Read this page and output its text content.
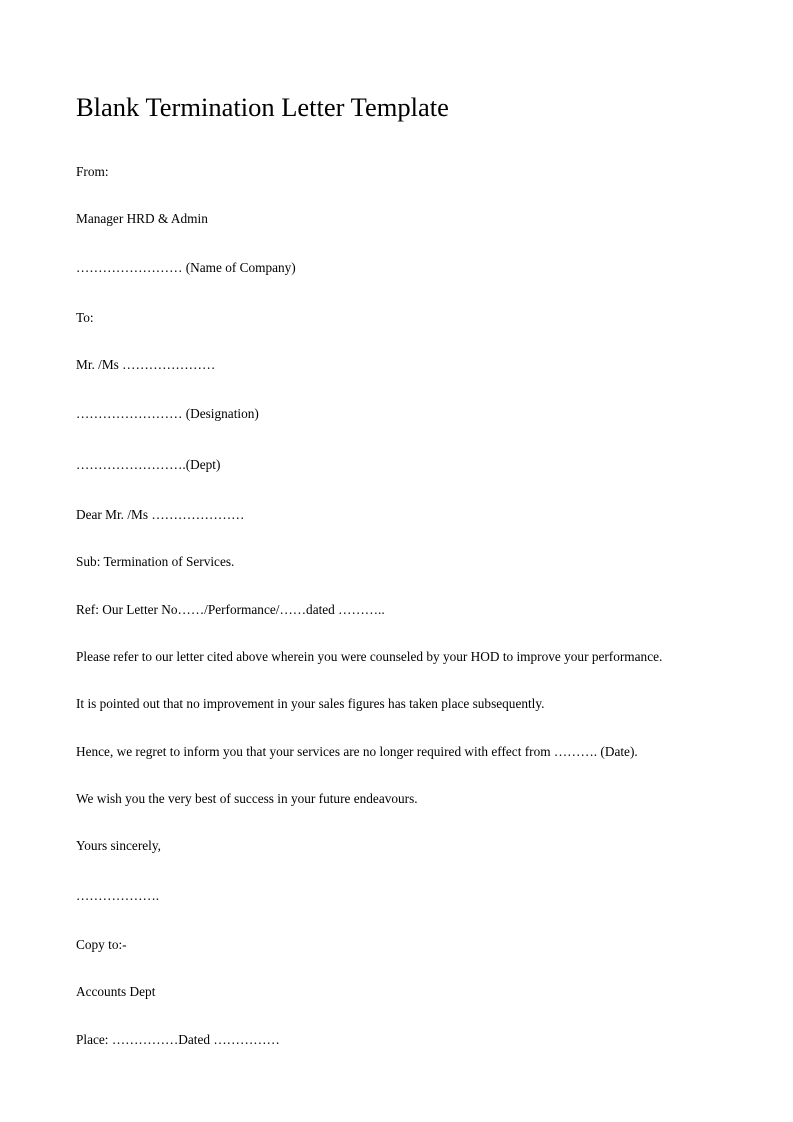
Blank Termination Letter Template

From:

Manager HRD & Admin

…………………… (Name of Company)

To:

Mr. /Ms …………………

…………………… (Designation)

…………………….(Dept)

Dear Mr. /Ms …………………

Sub: Termination of Services.

Ref: Our Letter No……/Performance/……dated ………..

Please refer to our letter cited above wherein you were counseled by your HOD to improve your performance.

It is pointed out that no improvement in your sales figures has taken place subsequently.

Hence, we regret to inform you that your services are no longer required with effect from ………. (Date).

We wish you the very best of success in your future endeavours.

Yours sincerely,

……………….

Copy to:-

Accounts Dept

Place: ……………Dated ……………
